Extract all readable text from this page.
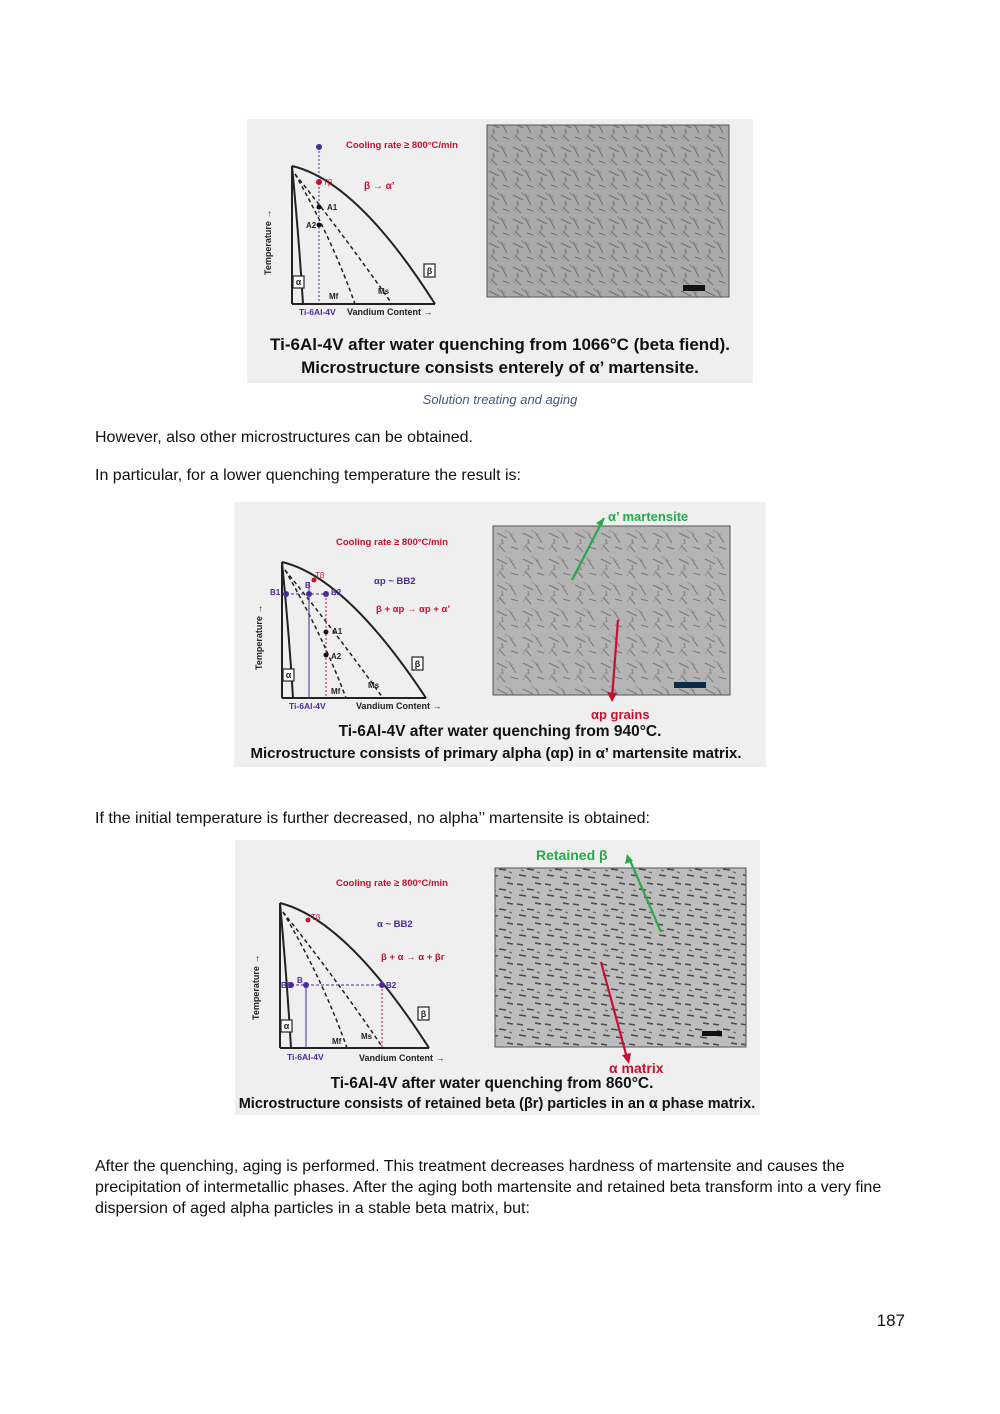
Tβ
A1
A2
α
β
Mf
Ms
Ti-6Al-4V Vandium Content →
Temperature →
Cooling rate ≥ 800°C/min
β → α’
Ti-6Al-4V after water quenching from 1066°C (beta fiend).
Microstructure consists enterely of α’ martensite.
Solution treating and aging
However, also other microstructures can be obtained.
In particular, for a lower quenching temperature the result is:
Tβ
B1
B
B2
A1
A2
α
β
Mf
Ms
Ti-6Al-4V	Vandium Content →
Temperature →
Cooling rate ≥ 800°C/min
αp ~ BB2
β + αp → αp + α’
α’ martensite
αp grains
Ti-6Al-4V after water quenching from 940°C.
Microstructure consists of primary alpha (αp) in α’ martensite matrix.
If the initial temperature is further decreased, no alpha’’ martensite is obtained:
Tβ
B1
B
B2
α
β
Mf
Ms
Ti-6Al-4V	Vandium Content →
Temperature →
Cooling rate ≥ 800°C/min
α ~ BB2
β + α → α + βr
Retained β
α matrix
Ti-6Al-4V after water quenching from 860°C.
Microstructure consists of retained beta (βr) particles in an α phase matrix.
After the quenching, aging is performed. This treatment decreases hardness of martensite and causes the precipitation of intermetallic phases. After the aging both martensite and retained beta transform into a very fine dispersion of aged alpha particles in a stable beta matrix, but:
187
